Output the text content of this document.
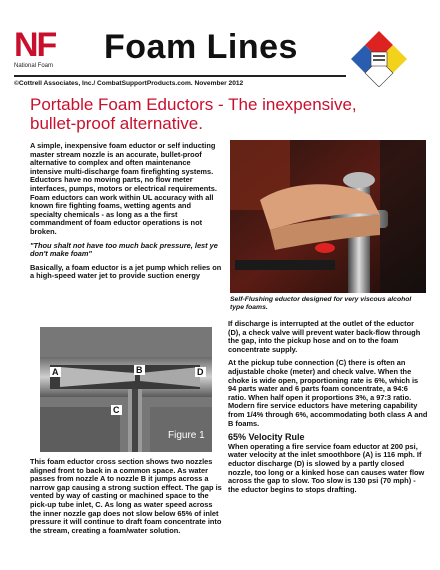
NF
National Foam Foam Lines
©Cottrell Associates, Inc./ CombatSupportProducts.com. November 2012
Portable Foam Eductors - The inexpensive,
bullet-proof alternative.

A simple, inexpensive foam eductor or self inducting master stream nozzle is an accurate, bullet-proof alternative to complex and often maintenance intensive multi-discharge foam firefighting systems. Eductors have no moving parts, no flow meter interfaces, pumps, motors or electrical requirements. Foam eductors can work within UL accuracy with all known fire fighting foams, wetting agents and specialty chemicals - as long as a the first commandment of foam eductor operations is not broken.

"Thou shalt not have too much back pressure, lest ye don't make foam"

Basically, a foam eductor is a jet pump which relies on a high-speed water jet to provide suction energy

Self-Flushing eductor designed for very viscous alcohol type foams.
A	B	D
C
Figure 1

This foam eductor cross section shows two nozzles aligned front to back in a common space. As water passes from nozzle A to nozzle B it jumps across a narrow gap causing a strong suction effect. The gap is vented by way of casting or machined space to the pick-up tube inlet, C. As long as water speed across the inner nozzle gap does not slow below 65% of inlet pressure it will continue to draft foam concentrate into the stream, creating a foam/water solution.

If discharge is interrupted at the outlet of the eductor (D), a check valve will prevent water back-flow through the gap, into the pickup hose and on to the foam concentrate supply.

At the pickup tube connection (C) there is often an adjustable choke (meter) and check valve. When the choke is wide open, proportioning rate is 6%, which is 94 parts water and 6 parts foam concentrate, a 94:6 ratio. When half open it proportions 3%, a 97:3 ratio. Modern fire service eductors have metering capability from 1/4% through 6%, accommodating both class A and B foams.

65% Velocity Rule

When operating a fire service foam eductor at 200 psi, water velocity at the inlet smoothbore (A) is 116 mph. If eductor discharge (D) is slowed by a partly closed nozzle, too long or a kinked hose can causes water flow across the gap to slow. Too slow is 130 psi (70 mph) - the eductor begins to stops drafting.
